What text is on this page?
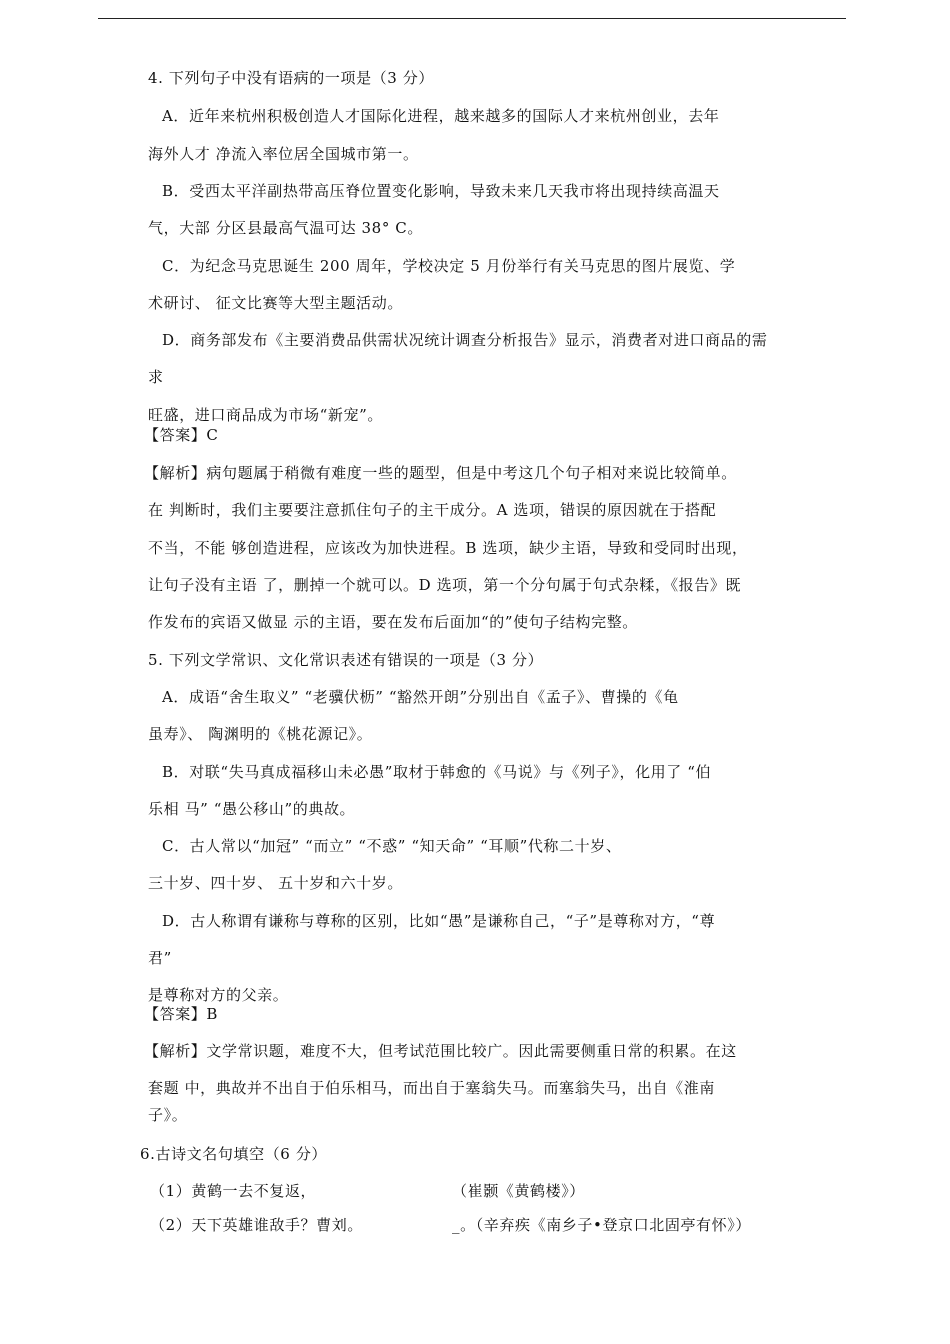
4. 下列句子中没有语病的一项是（3 分）
A．近年来杭州积极创造人才国际化进程，越来越多的国际人才来杭州创业，去年
海外人才 净流入率位居全国城市第一。
B．受西太平洋副热带高压脊位置变化影响，导致未来几天我市将出现持续高温天
气，大部 分区县最高气温可达 38° C。
C．为纪念马克思诞生 200 周年，学校决定 5 月份举行有关马克思的图片展览、学
术研讨、 征文比赛等大型主题活动。
D．商务部发布《主要消费品供需状况统计调查分析报告》显示，消费者对进口商品的需
求
旺盛，进口商品成为市场“新宠”。
【答案】C
【解析】病句题属于稍微有难度一些的题型，但是中考这几个句子相对来说比较简单。
在 判断时，我们主要要注意抓住句子的主干成分。A 选项，错误的原因就在于搭配
不当，不能 够创造进程，应该改为加快进程。B 选项，缺少主语，导致和受同时出现，
让句子没有主语 了，删掉一个就可以。D 选项，第一个分句属于句式杂糅，《报告》既
作发布的宾语又做显 示的主语，要在发布后面加“的”使句子结构完整。
5. 下列文学常识、文化常识表述有错误的一项是（3 分）
A．成语“舍生取义” “老骥伏枥” “豁然开朗”分别出自《孟子》、曹操的《龟
虽寿》、 陶渊明的《桃花源记》。
B．对联“失马真成福移山未必愚”取材于韩愈的《马说》与《列子》，化用了 “伯
乐相 马” “愚公移山”的典故。
C．古人常以“加冠” “而立” “不惑” “知天命” “耳顺”代称二十岁、
三十岁、四十岁、 五十岁和六十岁。
D．古人称谓有谦称与尊称的区别，比如“愚”是谦称自己，“子”是尊称对方，“尊
君”
是尊称对方的父亲。
【答案】B
【解析】文学常识题，难度不大，但考试范围比较广。因此需要侧重日常的积累。在这
套题 中，典故并不出自于伯乐相马，而出自于塞翁失马。而塞翁失马，出自《淮南
子》。
6.古诗文名句填空（6 分）
（1）黄鹤一去不复返，	（崔颢《黄鹤楼》）
（2）天下英雄谁敌手？曹刘。	_。（辛弃疾《南乡子•登京口北固亭有怀》）
